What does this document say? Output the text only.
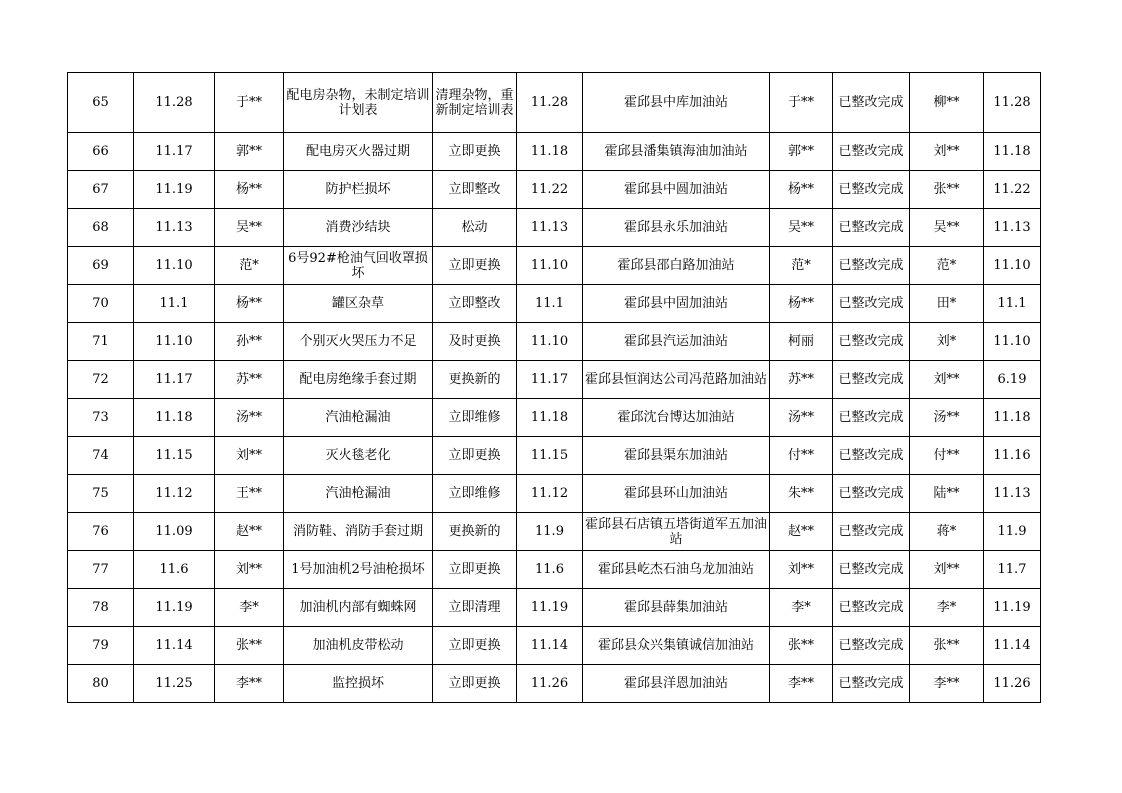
65	11.28	于**	配电房杂物，未制定培训计划表	清理杂物，重新制定培训表	11.28	霍邱县中库加油站	于**	已整改完成	柳**	11.28
66	11.17	郭**	配电房灭火器过期	立即更换	11.18	霍邱县潘集镇海油加油站	郭**	已整改完成	刘**	11.18
67	11.19	杨**	防护栏损坏	立即整改	11.22	霍邱县中圆加油站	杨**	已整改完成	张**	11.22
68	11.13	吴**	消费沙结块	松动	11.13	霍邱县永乐加油站	吴**	已整改完成	吴**	11.13
69	11.10	范*	6号92#枪油气回收罩损坏	立即更换	11.10	霍邱县邵白路加油站	范*	已整改完成	范*	11.10
70	11.1	杨**	罐区杂草	立即整改	11.1	霍邱县中固加油站	杨**	已整改完成	田*	11.1
71	11.10	孙**	个别灭火哭压力不足	及时更换	11.10	霍邱县汽运加油站	柯丽	已整改完成	刘*	11.10
72	11.17	苏**	配电房绝缘手套过期	更换新的	11.17	霍邱县恒润达公司冯范路加油站	苏**	已整改完成	刘**	6.19
73	11.18	汤**	汽油枪漏油	立即维修	11.18	霍邱沈台博达加油站	汤**	已整改完成	汤**	11.18
74	11.15	刘**	灭火毯老化	立即更换	11.15	霍邱县渠东加油站	付**	已整改完成	付**	11.16
75	11.12	王**	汽油枪漏油	立即维修	11.12	霍邱县环山加油站	朱**	已整改完成	陆**	11.13
76	11.09	赵**	消防鞋、消防手套过期	更换新的	11.9	霍邱县石店镇五塔街道军五加油站	赵**	已整改完成	蒋*	11.9
77	11.6	刘**	1号加油机2号油枪损坏	立即更换	11.6	霍邱县屹杰石油乌龙加油站	刘**	已整改完成	刘**	11.7
78	11.19	李*	加油机内部有蜘蛛网	立即清理	11.19	霍邱县薛集加油站	李*	已整改完成	李*	11.19
79	11.14	张**	加油机皮带松动	立即更换	11.14	霍邱县众兴集镇诚信加油站	张**	已整改完成	张**	11.14
80	11.25	李**	监控损坏	立即更换	11.26	霍邱县洋恩加油站	李**	已整改完成	李**	11.26
